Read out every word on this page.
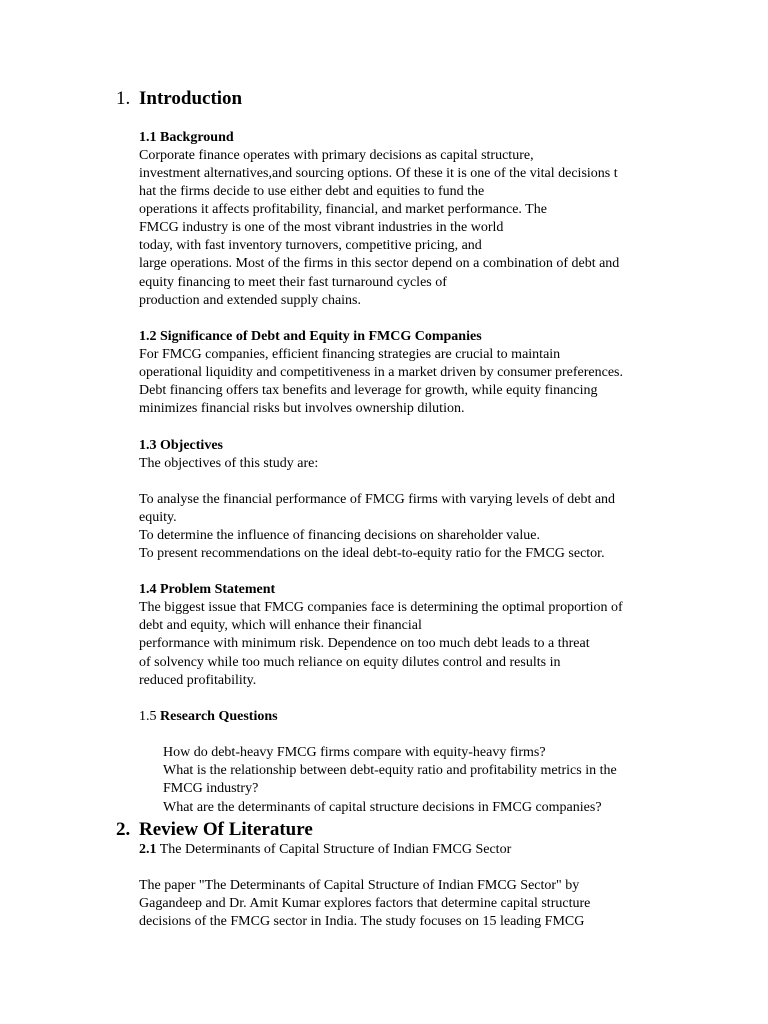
1. Introduction
1.1 Background
Corporate finance operates with primary decisions as capital structure,
investment alternatives,and sourcing options. Of these it is one of the vital decisions t
hat the firms decide to use either debt and equities to fund the
operations it affects profitability, financial, and market performance. The
FMCG industry is one of the most vibrant industries in the world
today, with fast inventory turnovers, competitive pricing, and
large operations. Most of the firms in this sector depend on a combination of debt and
equity financing to meet their fast turnaround cycles of
production and extended supply chains.
1.2 Significance of Debt and Equity in FMCG Companies
For FMCG companies, efficient financing strategies are crucial to maintain
operational liquidity and competitiveness in a market driven by consumer preferences.
Debt financing offers tax benefits and leverage for growth, while equity financing
minimizes financial risks but involves ownership dilution.
1.3 Objectives
The objectives of this study are:
To analyse the financial performance of FMCG firms with varying levels of debt and
equity.
To determine the influence of financing decisions on shareholder value.
To present recommendations on the ideal debt-to-equity ratio for the FMCG sector.
1.4 Problem Statement
The biggest issue that FMCG companies face is determining the optimal proportion of
debt and equity, which will enhance their financial
performance with minimum risk. Dependence on too much debt leads to a threat
of solvency while too much reliance on equity dilutes control and results in
reduced profitability.
1.5 Research Questions
How do debt-heavy FMCG firms compare with equity-heavy firms?
What is the relationship between debt-equity ratio and profitability metrics in the
FMCG industry?
What are the determinants of capital structure decisions in FMCG companies?
2. Review Of Literature
2.1 The Determinants of Capital Structure of Indian FMCG Sector
The paper "The Determinants of Capital Structure of Indian FMCG Sector" by
Gagandeep and Dr. Amit Kumar explores factors that determine capital structure
decisions of the FMCG sector in India. The study focuses on 15 leading FMCG
